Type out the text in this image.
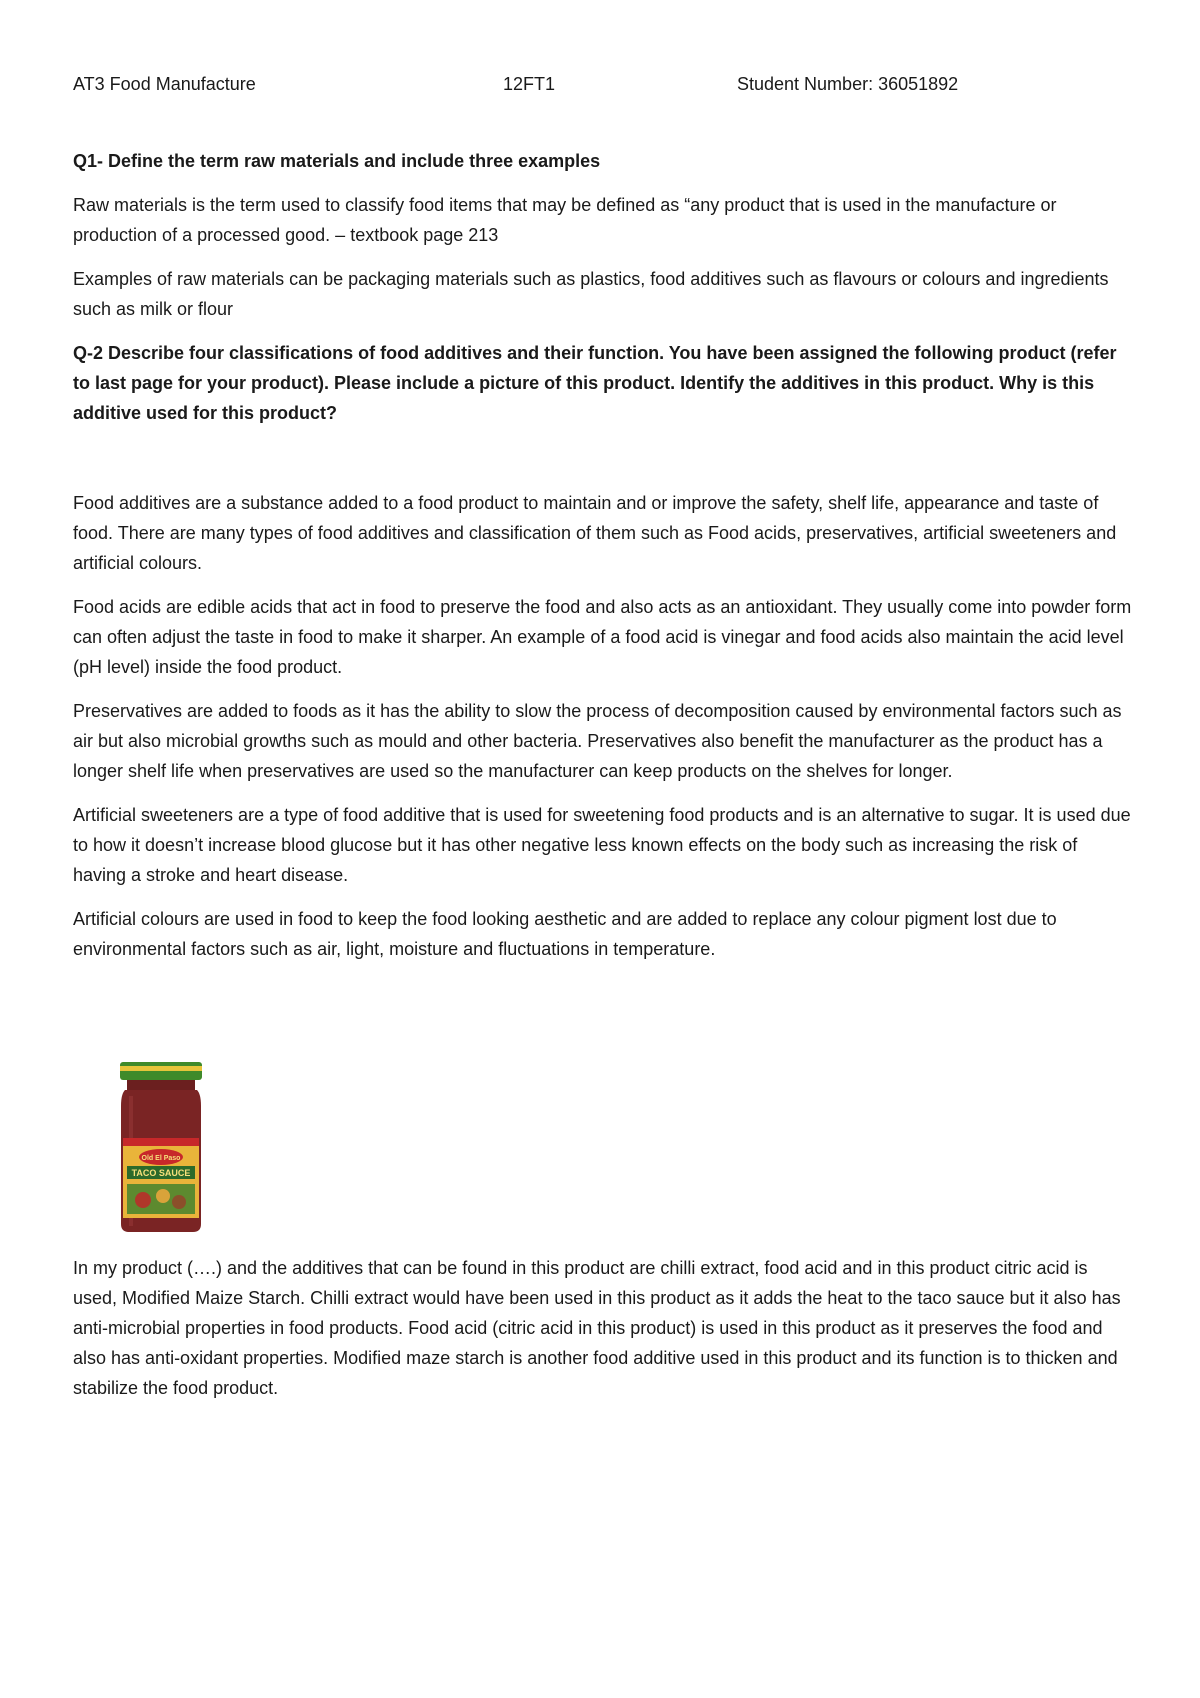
AT3 Food Manufacture	12FT1	Student Number: 36051892

Q1- Define the term raw materials and include three examples

Raw materials is the term used to classify food items that may be defined as “any product that is used in the manufacture or production of a processed good. – textbook page 213

Examples of raw materials can be packaging materials such as plastics, food additives such as flavours or colours and ingredients such as milk or flour

Q-2 Describe four classifications of food additives and their function. You have been assigned the following product (refer to last page for your product). Please include a picture of this product. Identify the additives in this product. Why is this additive used for this product?

Food additives are a substance added to a food product to maintain and or improve the safety, shelf life, appearance and taste of food. There are many types of food additives and classification of them such as Food acids, preservatives, artificial sweeteners and artificial colours.

Food acids are edible acids that act in food to preserve the food and also acts as an antioxidant. They usually come into powder form can often adjust the taste in food to make it sharper. An example of a food acid is vinegar and food acids also maintain the acid level (pH level) inside the food product.

Preservatives are added to foods as it has the ability to slow the process of decomposition caused by environmental factors such as air but also microbial growths such as mould and other bacteria. Preservatives also benefit the manufacturer as the product has a longer shelf life when preservatives are used so the manufacturer can keep products on the shelves for longer.

Artificial sweeteners are a type of food additive that is used for sweetening food products and is an alternative to sugar. It is used due to how it doesn’t increase blood glucose but it has other negative less known effects on the body such as increasing the risk of having a stroke and heart disease.

Artificial colours are used in food to keep the food looking aesthetic and are added to replace any colour pigment lost due to environmental factors such as air, light, moisture and fluctuations in temperature.

Old El Paso
TACO SAUCE

In my product (….) and the additives that can be found in this product are chilli extract, food acid and in this product citric acid is used, Modified Maize Starch. Chilli extract would have been used in this product as it adds the heat to the taco sauce but it also has anti-microbial properties in food products. Food acid (citric acid in this product) is used in this product as it preserves the food and also has anti-oxidant properties. Modified maze starch is another food additive used in this product and its function is to thicken and stabilize the food product.
